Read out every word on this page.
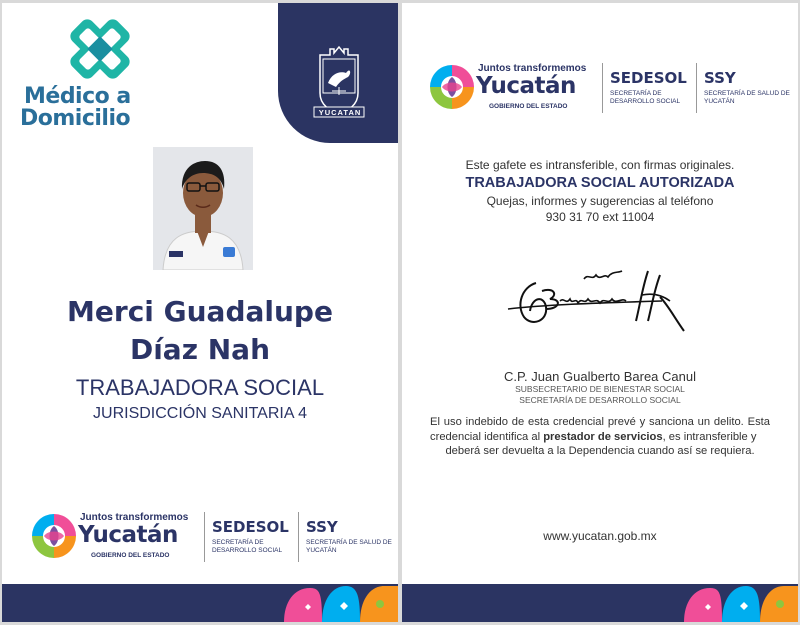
Médico a
Domicilio	YUCATAN
Merci Guadalupe
Díaz Nah
TRABAJADORA SOCIAL
JURISDICCIÓN SANITARIA 4
Juntos transformemos
Yucatán
GOBIERNO DEL ESTADO
SEDESOL
SECRETARÍA DE
DESARROLLO SOCIAL
SSY
SECRETARÍA DE SALUD DE
YUCATÁN
Juntos transformemos
Yucatán
GOBIERNO DEL ESTADO
SEDESOL
SECRETARÍA DE
DESARROLLO SOCIAL
SSY
SECRETARÍA DE SALUD DE
YUCATÁN
Este gafete es intransferible, con firmas originales.
TRABAJADORA SOCIAL AUTORIZADA
Quejas, informes y sugerencias al teléfono
930 31 70 ext 11004
C.P. Juan Gualberto Barea Canul
SUBSECRETARIO DE BIENESTAR SOCIAL
SECRETARÍA DE DESARROLLO SOCIAL
El uso indebido de esta credencial prevé y sanciona un delito. Esta credencial identifica al prestador de servicios, es intransferible y
deberá ser devuelta a la Dependencia cuando así se requiera.
www.yucatan.gob.mx
